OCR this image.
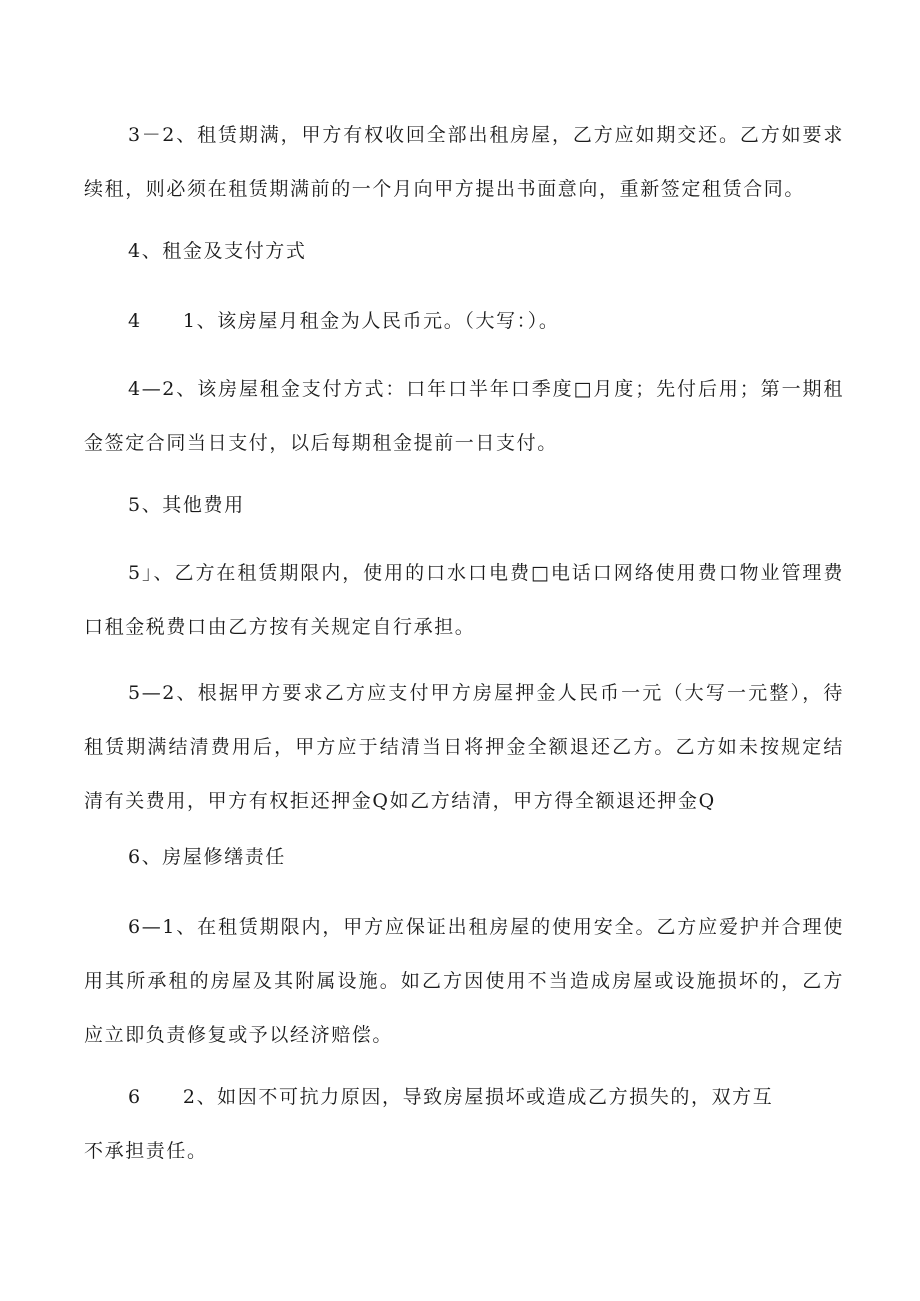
3－2、租赁期满，甲方有权收回全部出租房屋，乙方应如期交还。乙方如要求续租，则必须在租赁期满前的一个月向甲方提出书面意向，重新签定租赁合同。

4、租金及支付方式

4　　1、该房屋月租金为人民币元。（大写：）。

4—2、该房屋租金支付方式：口年口半年口季度□月度；先付后用；第一期租金签定合同当日支付，以后每期租金提前一日支付。

5、其他费用

5」、乙方在租赁期限内，使用的口水口电费□电话口网络使用费口物业管理费口租金税费口由乙方按有关规定自行承担。

5—2、根据甲方要求乙方应支付甲方房屋押金人民币一元（大写一元整），待租赁期满结清费用后，甲方应于结清当日将押金全额退还乙方。乙方如未按规定结清有关费用，甲方有权拒还押金Q如乙方结清，甲方得全额退还押金Q

6、房屋修缮责任

6—1、在租赁期限内，甲方应保证出租房屋的使用安全。乙方应爱护并合理使用其所承租的房屋及其附属设施。如乙方因使用不当造成房屋或设施损坏的，乙方应立即负责修复或予以经济赔偿。

6　　2、如因不可抗力原因，导致房屋损坏或造成乙方损失的，双方互不承担责任。
